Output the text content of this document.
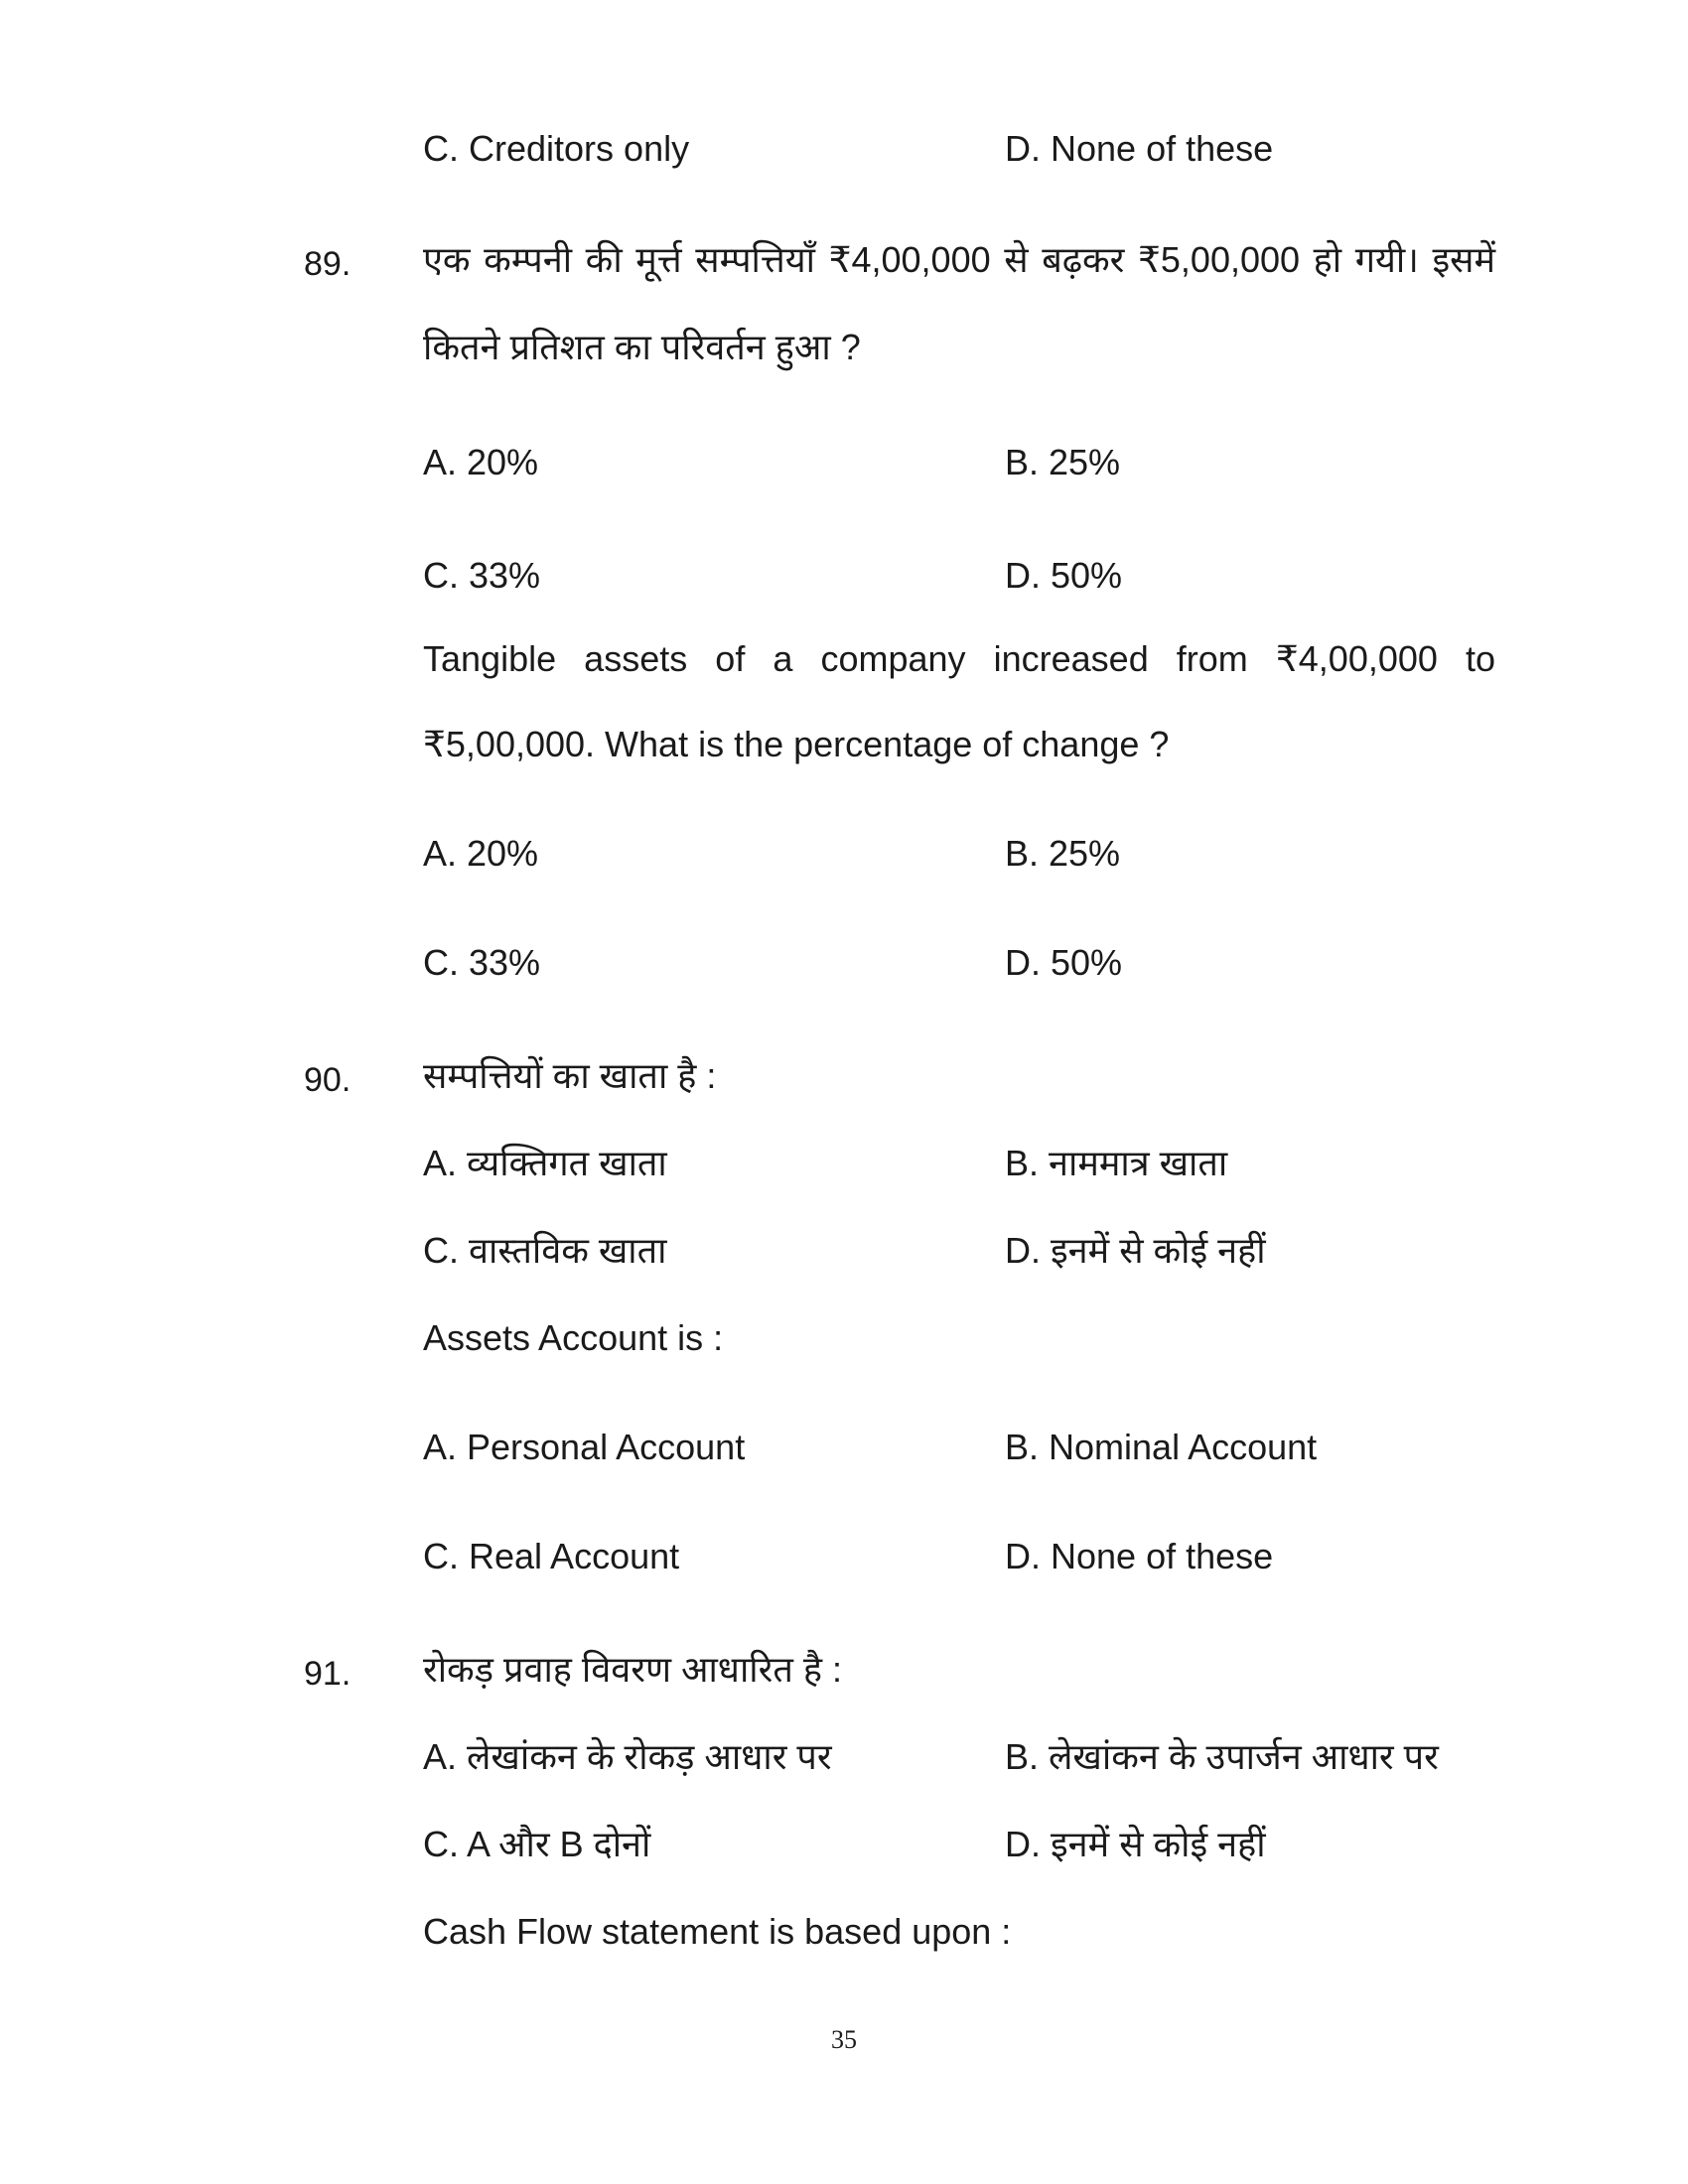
C. Creditors only	D. None of these
89. एक कम्पनी की मूर्त्त सम्पत्तियाँ ₹4,00,000 से बढ़कर ₹5,00,000 हो गयी। इसमें
कितने प्रतिशत का परिवर्तन हुआ ?
A. 20%	B. 25%
C. 33%	D. 50%
Tangible assets of a company increased from ₹4,00,000 to
₹5,00,000. What is the percentage of change ?
A. 20%	B. 25%
C. 33%	D. 50%
90. सम्पत्तियों का खाता है :
A. व्यक्तिगत खाता	B. नाममात्र खाता
C. वास्तविक खाता	D. इनमें से कोई नहीं
Assets Account is :
A. Personal Account	B. Nominal Account
C. Real Account	D. None of these
91. रोकड़ प्रवाह विवरण आधारित है :
A. लेखांकन के रोकड़ आधार पर	B. लेखांकन के उपार्जन आधार पर
C. A और B दोनों	D. इनमें से कोई नहीं
Cash Flow statement is based upon :
35
